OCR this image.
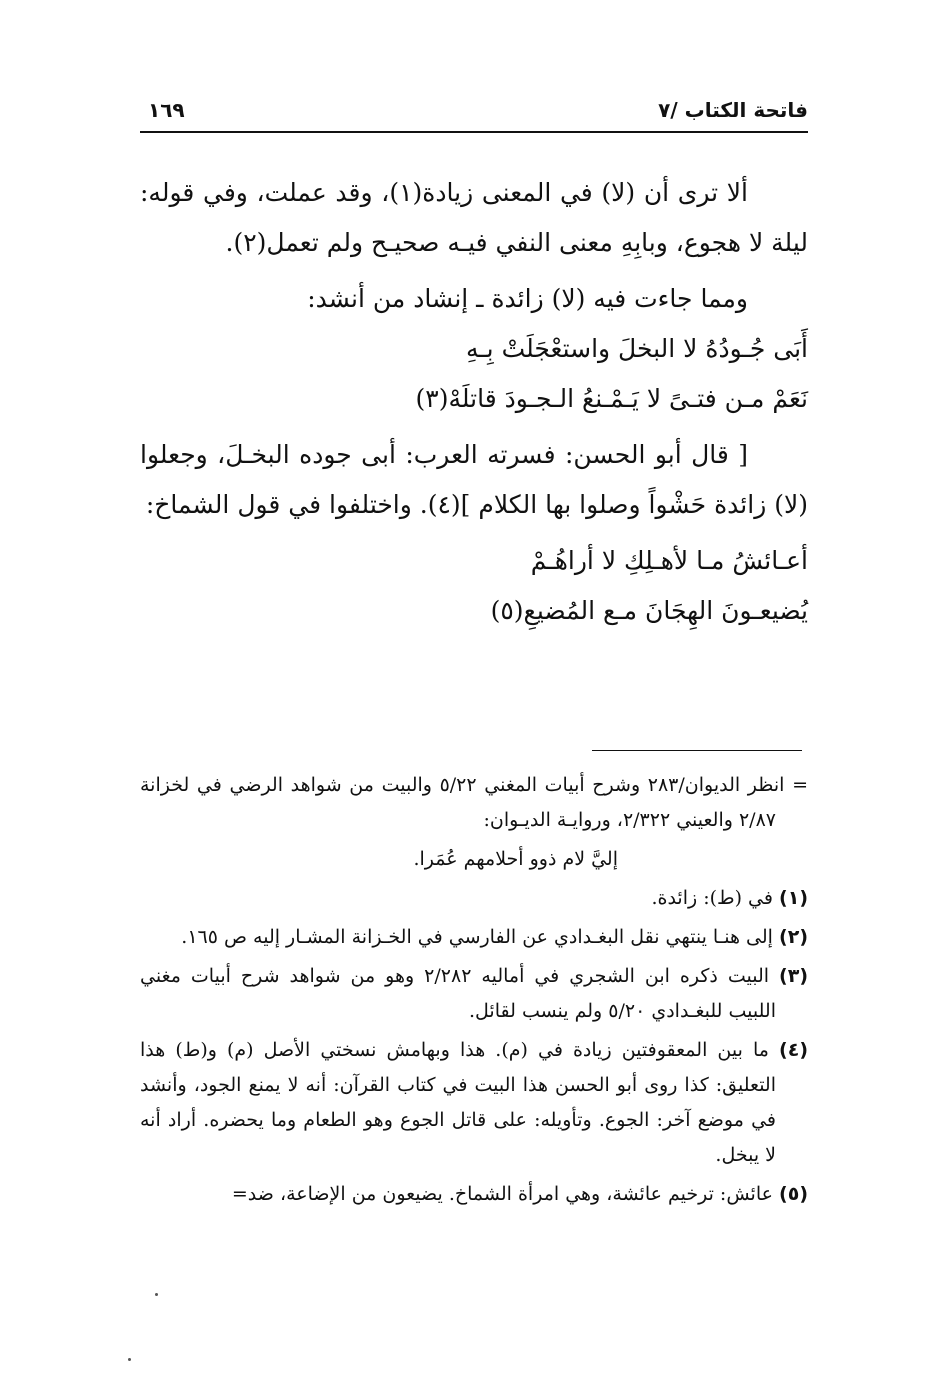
فاتحة الكتاب /٧
١٦٩

ألا ترى أن (لا) في المعنى زيادة(١)، وقد عملت، وفي قوله: ليلة لا هجوع، وبابِهِ معنى النفي فيـه صحيـح ولم تعمل(٢).

ومما جاءت فيه (لا) زائدة ـ إنشاد من أنشد:

أَبَى جُـودُهُ لا البخلَ واستعْجَلَتْ بِـهِ

نَعَمْ مـن فتـىً لا يَـمْـنعُ الـجـودَ قاتلَهْ(٣)

[ قال أبو الحسن: فسرته العرب: أبى جوده البخـلَ، وجعلوا (لا) زائدة حَشْواً وصلوا بها الكلام ](٤). واختلفوا في قول الشماخ:

أعـائشُ مـا لأهـلِكِ لا أراهُـمْ

يُضيعـونَ الهِجَانَ مـع المُضيعِ(٥)

= انظر الديوان/٢٨٣ وشرح أبيات المغني ٥/٢٢ والبيت من شواهد الرضي في لخزانة ٢/٨٧ والعيني ٢/٣٢٢، وروايـة الديـوان:

إليَّ لام ذوو أحلامهم عُمَرا.

(١) في (ط): زائدة.

(٢) إلى هنـا ينتهي نقل البغـدادي عن الفارسي في الخـزانة المشـار إليه ص ١٦٥.

(٣) البيت ذكره ابن الشجري في أماليه ٢/٢٨٢ وهو من شواهد شرح أبيات مغني اللبيب للبغـدادي ٥/٢٠ ولم ينسب لقائل.

(٤) ما بين المعقوفتين زيادة في (م). هذا وبهامش نسختي الأصل (م) و(ط) هذا التعليق: كذا روى أبو الحسن هذا البيت في كتاب القرآن: أنه لا يمنع الجود، وأنشد في موضع آخر: الجوع. وتأويله: على قاتل الجوع وهو الطعام وما يحضره. أراد أنه لا يبخل.

(٥) عائش: ترخيم عائشة، وهي امرأة الشماخ. يضيعون من الإضاعة، ضد=
